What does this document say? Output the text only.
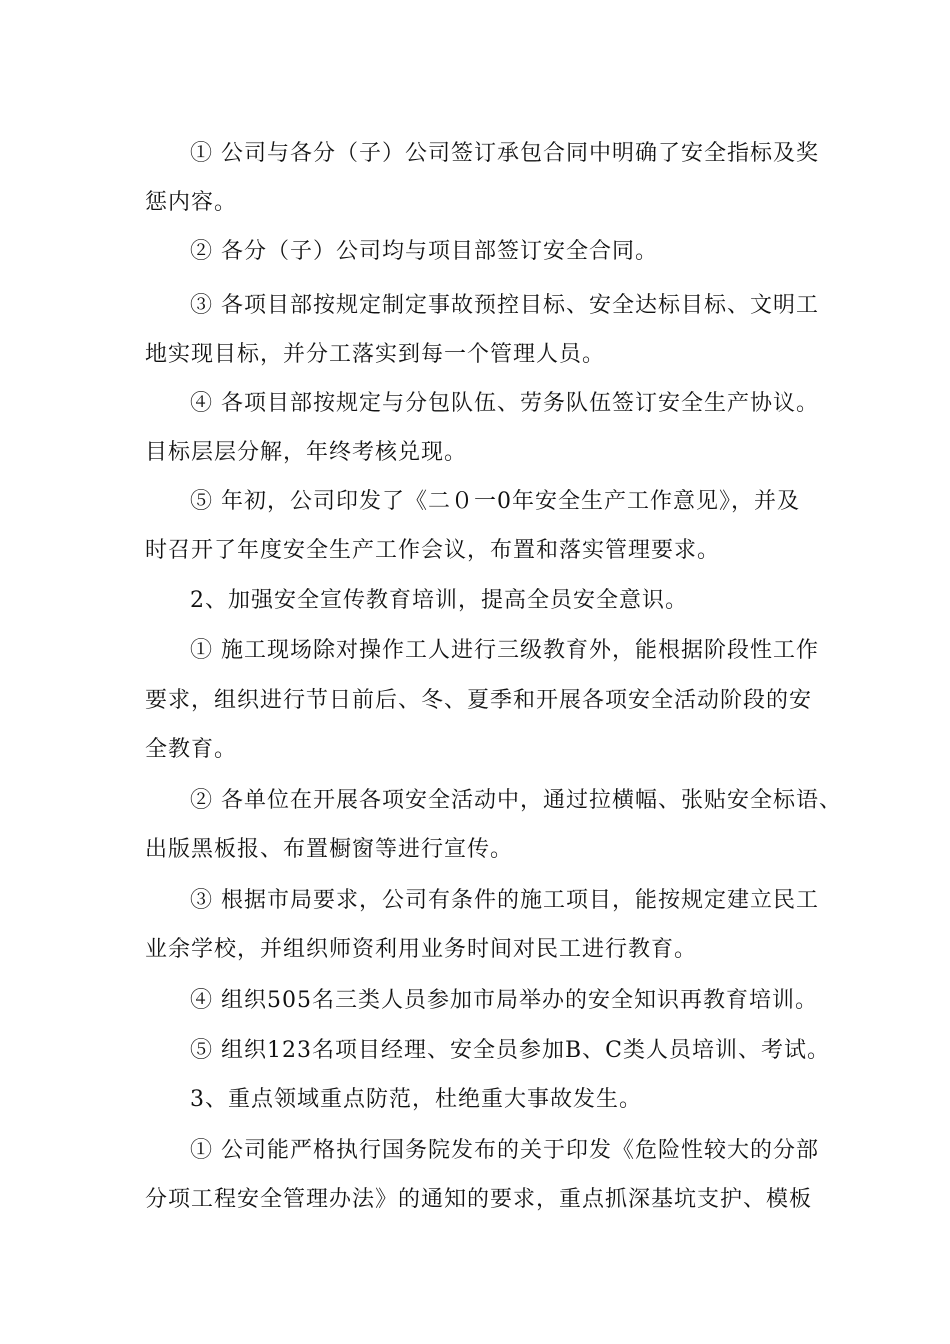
① 公司与各分（子）公司签订承包合同中明确了安全指标及奖
惩内容。
② 各分（子）公司均与项目部签订安全合同。
③ 各项目部按规定制定事故预控目标、安全达标目标、文明工
地实现目标，并分工落实到每一个管理人员。
④ 各项目部按规定与分包队伍、劳务队伍签订安全生产协议。
目标层层分解，年终考核兑现。
⑤ 年初，公司印发了《二０一0年安全生产工作意见》，并及
时召开了年度安全生产工作会议，布置和落实管理要求。
2、加强安全宣传教育培训，提高全员安全意识。
① 施工现场除对操作工人进行三级教育外，能根据阶段性工作
要求，组织进行节日前后、冬、夏季和开展各项安全活动阶段的安
全教育。
② 各单位在开展各项安全活动中，通过拉横幅、张贴安全标语、
出版黑板报、布置橱窗等进行宣传。
③ 根据市局要求，公司有条件的施工项目，能按规定建立民工
业余学校，并组织师资利用业务时间对民工进行教育。
④ 组织505名三类人员参加市局举办的安全知识再教育培训。
⑤ 组织123名项目经理、安全员参加B、C类人员培训、考试。
3、重点领域重点防范，杜绝重大事故发生。
① 公司能严格执行国务院发布的关于印发《危险性较大的分部
分项工程安全管理办法》的通知的要求，重点抓深基坑支护、模板
